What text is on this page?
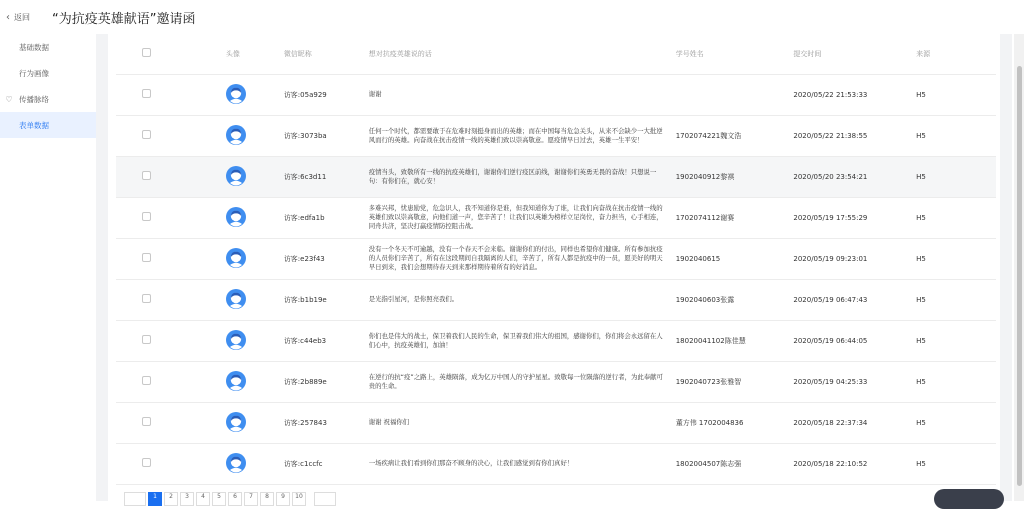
‹ 返回 “为抗疫英雄献语”邀请函
基础数据
行为画像
♡ 传播脉络
表单数据
	头像	微信昵称	想对抗疫英雄说的话	学号姓名	提交时间	来源
		访客:05a929	谢谢		2020/05/22 21:53:33	H5
		访客:3073ba	任何一个时代，都需要敢于在危难时刻挺身而出的英雄；而在中国每当危急关头，从来不会缺少一大批逆风而行的英雄。向奋战在抗击疫情一线的英雄们致以崇高敬意。愿疫情早日过去，英雄一生平安！	1702074221魏文浩	2020/05/22 21:38:55	H5
		访客:6c3d11	疫情当头，致敬所有一线的抗疫英雄们，谢谢你们逆行疫区前线，谢谢你们英勇无畏的奋战！只想说一句：有你们在，就心安！	1902040912黎祺	2020/05/20 23:54:21	H5
		访客:edfa1b	多难兴邦，忧患励党，危急识人，我不知道你是谁，但我知道你为了谁，让我们向奋战在抗击疫情一线的英雄们致以崇高敬意，向他们道一声，您辛苦了！让我们以英雄为榜样立足岗位，奋力担当，心手相连，同舟共济，坚决打赢疫情防控阻击战。	1702074112谢赛	2020/05/19 17:55:29	H5
		访客:e23f43	没有一个冬天不可逾越，没有一个春天不会来临。谢谢你们的付出，同样也希望你们健康。所有参加抗疫的人员你们辛苦了，所有在这段期间自我隔离的人们，辛苦了，所有人都是抗疫中的一员，愿美好的明天早日到来，我们会想期待春天到来那样期待着所有的好消息。	1902040615	2020/05/19 09:23:01	H5
		访客:b1b19e	是光指引星河，是你照亮我们。	1902040603张露	2020/05/19 06:47:43	H5
		访客:c44eb3	你们也是伟大的战士，保卫着我们人民的生命，保卫着我们伟大的祖国，感谢你们，你们将会永远留在人们心中，抗疫英雄们，加油！	18020041102陈佳慧	2020/05/19 06:44:05	H5
		访客:2b889e	在逆行的抗“疫”之路上，英雄陨落，成为亿万中国人的守护星星。致敬每一位陨落的逆行者，为此奉献可贵的生命。	1902040723张雅智	2020/05/19 04:25:33	H5
		访客:257843	谢谢 祝福你们	董方伟 1702004836	2020/05/18 22:37:34	H5
		访客:c1ccfc	一场疾病让我们看到你们那奋不顾身的决心，让我们感觉到有你们真好！	1802004507陈志强	2020/05/18 22:10:52	H5
1	2	3	4	5	6	7	8	9	10
